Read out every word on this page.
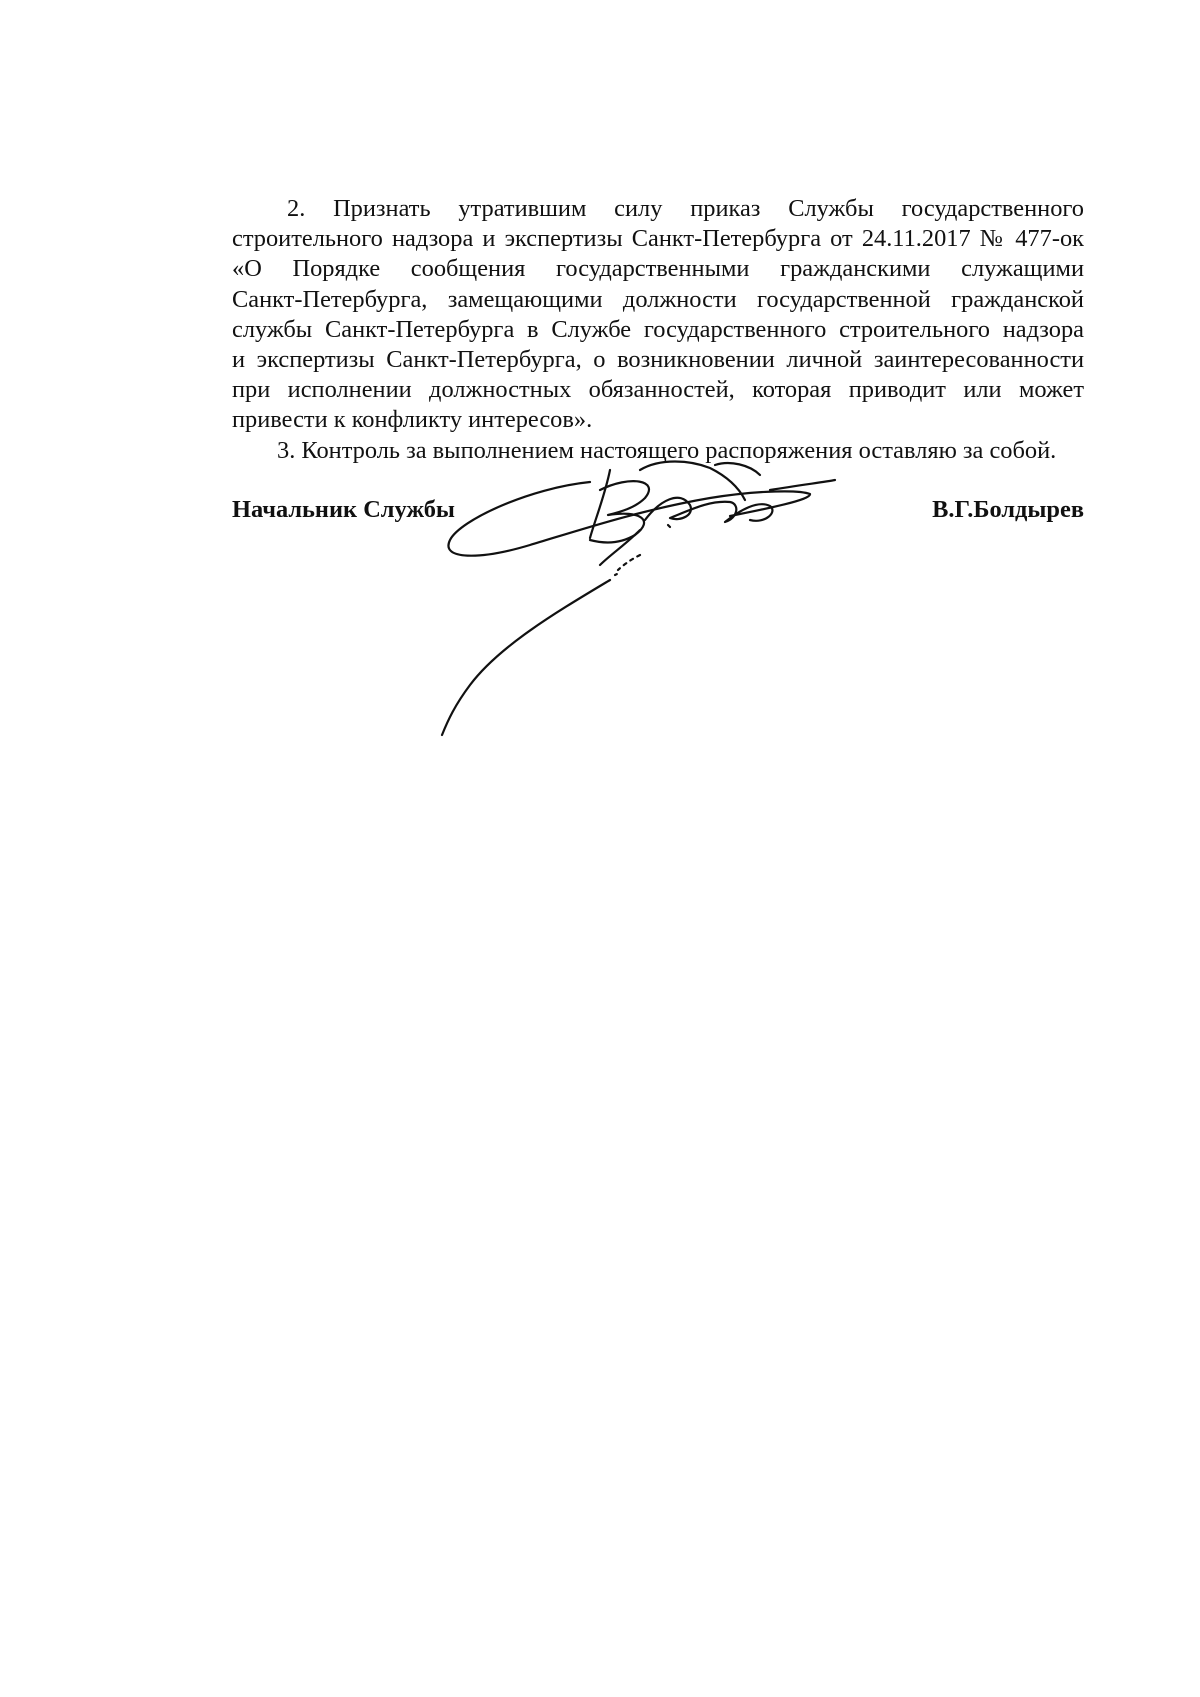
2. Признать утратившим силу приказ Службы государственного
строительного надзора и экспертизы Санкт-Петербурга от 24.11.2017 № 477-ок
«О Порядке сообщения государственными гражданскими служащими
Санкт-Петербурга, замещающими должности государственной гражданской
службы Санкт-Петербурга в Службе государственного строительного надзора
и экспертизы Санкт-Петербурга, о возникновении личной заинтересованности
при исполнении должностных обязанностей, которая приводит или может
привести к конфликту интересов».

3. Контроль за выполнением настоящего распоряжения оставляю за собой.

Начальник Службы	В.Г.Болдырев
